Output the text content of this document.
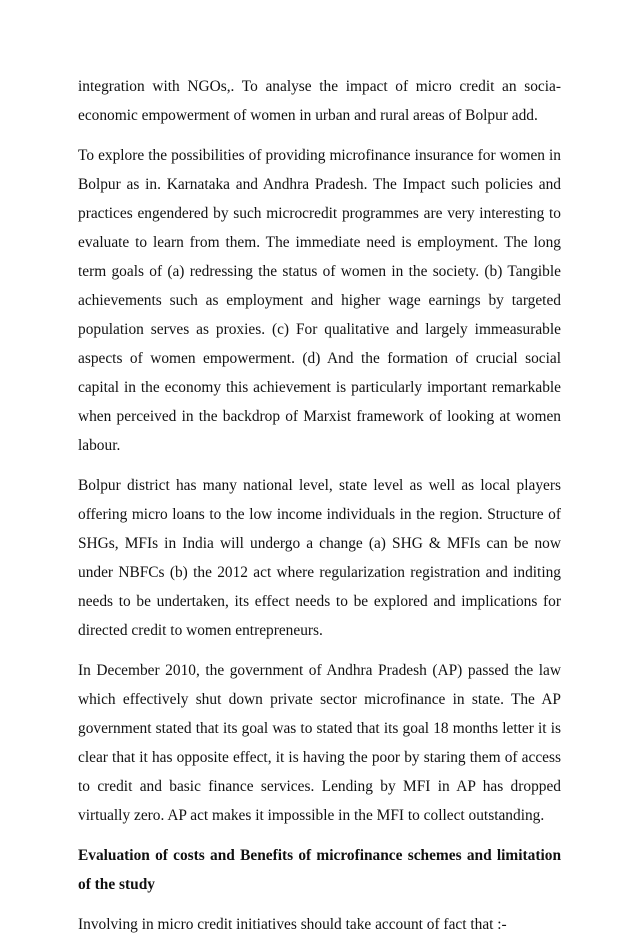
integration with NGOs,. To analyse the impact of micro credit an socia-economic empowerment of women in urban and rural areas of Bolpur add.

To explore the possibilities of providing microfinance insurance for women in Bolpur as in. Karnataka and Andhra Pradesh. The Impact such policies and practices engendered by such microcredit programmes are very interesting to evaluate to learn from them. The immediate need is employment. The long term goals of (a) redressing the status of women in the society. (b) Tangible achievements such as employment and higher wage earnings by targeted population serves as proxies. (c) For qualitative and largely immeasurable aspects of women empowerment. (d) And the formation of crucial social capital in the economy this achievement is particularly important remarkable when perceived in the backdrop of Marxist framework of looking at women labour.

Bolpur district has many national level, state level as well as local players offering micro loans to the low income individuals in the region. Structure of SHGs, MFIs in India will undergo a change (a) SHG & MFIs can be now under NBFCs (b) the 2012 act where regularization registration and inditing needs to be undertaken, its effect needs to be explored and implications for directed credit to women entrepreneurs.

In December 2010, the government of Andhra Pradesh (AP) passed the law which effectively shut down private sector microfinance in state. The AP government stated that its goal was to stated that its goal 18 months letter it is clear that it has opposite effect, it is having the poor by staring them of access to credit and basic finance services. Lending by MFI in AP has dropped virtually zero. AP act makes it impossible in the MFI to collect outstanding.

Evaluation of costs and Benefits of microfinance schemes and limitation of the study

Involving in micro credit initiatives should take account of fact that :-
